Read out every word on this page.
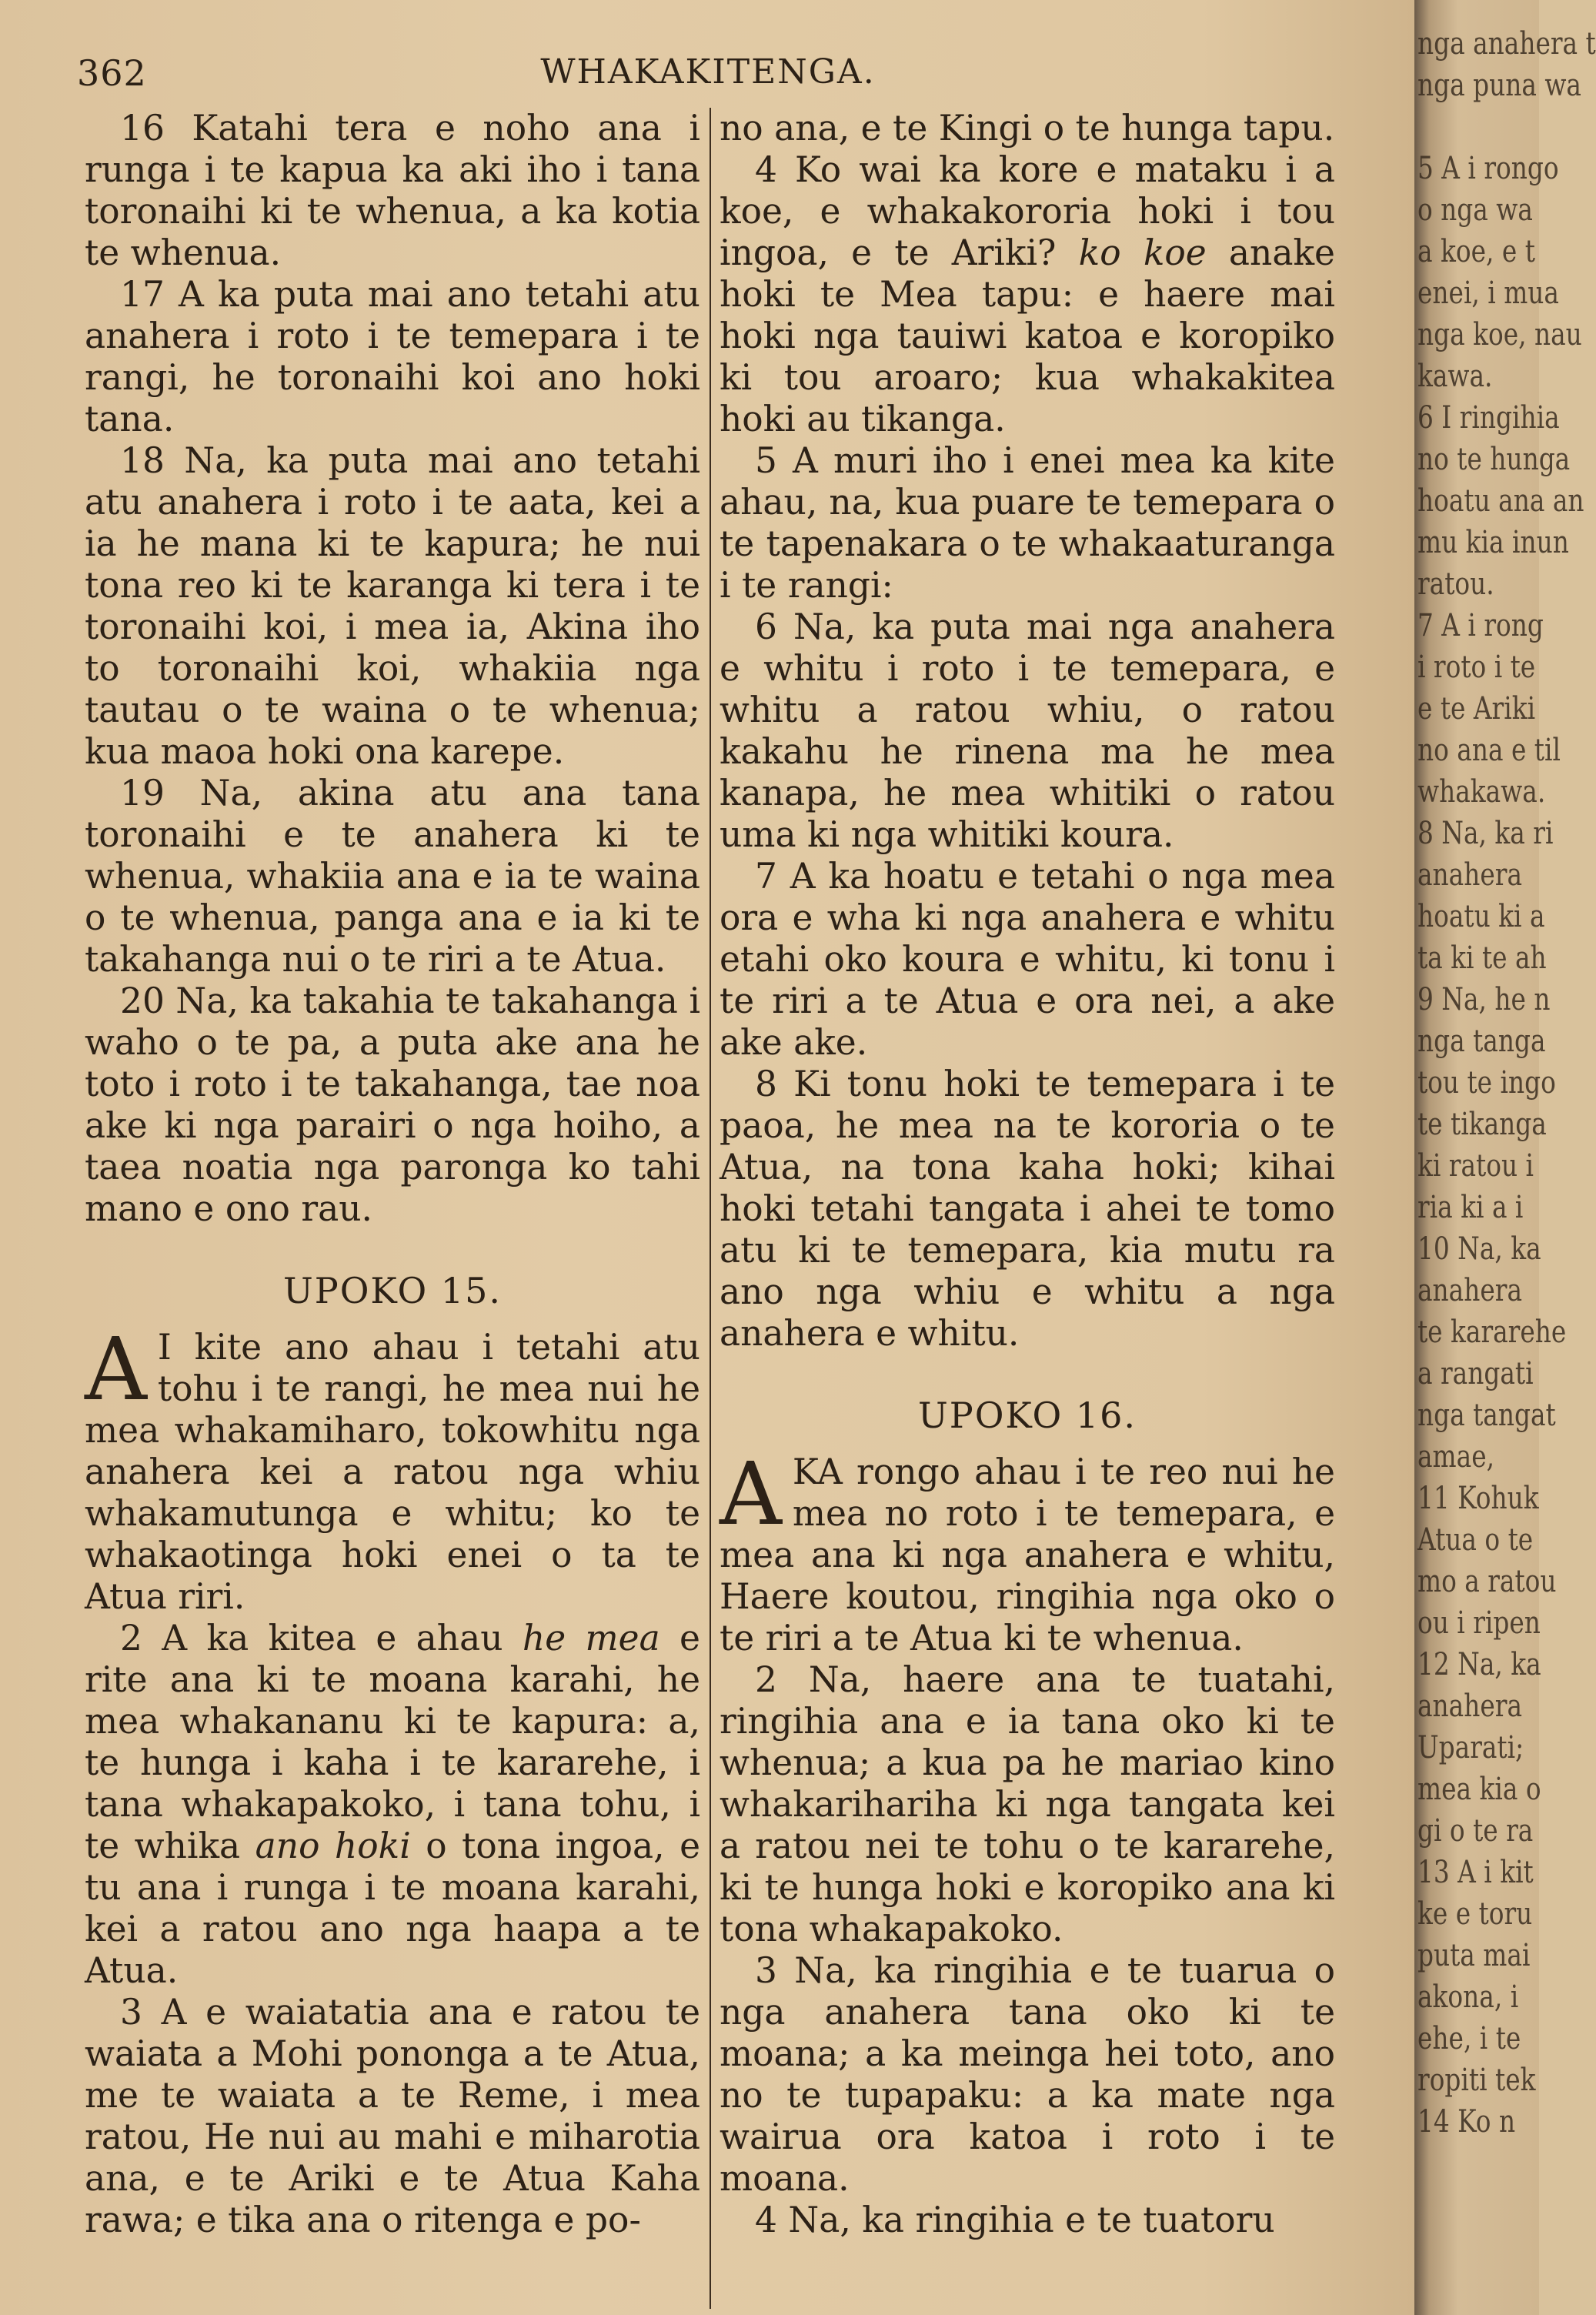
362	WHAKAKITENGA.

16 Katahi tera e noho ana i runga i te kapua ka aki iho i tana toronaihi ki te whenua, a ka kotia te whenua.

17 A ka puta mai ano tetahi atu anahera i roto i te temepara i te rangi, he toronaihi koi ano hoki tana.

18 Na, ka puta mai ano tetahi atu anahera i roto i te aata, kei a ia he mana ki te kapura; he nui tona reo ki te karanga ki tera i te toronaihi koi, i mea ia, Akina iho to toronaihi koi, whakiia nga tautau o te waina o te whenua; kua maoa hoki ona karepe.

19 Na, akina atu ana tana toronaihi e te anahera ki te whenua, whakiia ana e ia te waina o te whenua, panga ana e ia ki te takahanga nui o te riri a te Atua.

20 Na, ka takahia te takahanga i waho o te pa, a puta ake ana he toto i roto i te takahanga, tae noa ake ki nga parairi o nga hoiho, a taea noatia nga paronga ko tahi mano e ono rau.

UPOKO 15.

A I kite ano ahau i tetahi atu tohu i te rangi, he mea nui he mea whakamiharo, tokowhitu nga anahera kei a ratou nga whiu whakamutunga e whitu; ko te whakaotinga hoki enei o ta te Atua riri.

2 A ka kitea e ahau he mea e rite ana ki te moana karahi, he mea whakananu ki te kapura: a, te hunga i kaha i te kararehe, i tana whakapakoko, i tana tohu, i te whika ano hoki o tona ingoa, e tu ana i runga i te moana karahi, kei a ratou ano nga haapa a te Atua.

3 A e waiatatia ana e ratou te waiata a Mohi pononga a te Atua, me te waiata a te Reme, i mea ratou, He nui au mahi e miharotia ana, e te Ariki e te Atua Kaha rawa; e tika ana o ritenga e po-

no ana, e te Kingi o te hunga tapu.

4 Ko wai ka kore e mataku i a koe, e whakakororia hoki i tou ingoa, e te Ariki? ko koe anake hoki te Mea tapu: e haere mai hoki nga tauiwi katoa e koropiko ki tou aroaro; kua whakakitea hoki au tikanga.

5 A muri iho i enei mea ka kite ahau, na, kua puare te temepara o te tapenakara o te whakaaturanga i te rangi:

6 Na, ka puta mai nga anahera e whitu i roto i te temepara, e whitu a ratou whiu, o ratou kakahu he rinena ma he mea kanapa, he mea whitiki o ratou uma ki nga whitiki koura.

7 A ka hoatu e tetahi o nga mea ora e wha ki nga anahera e whitu etahi oko koura e whitu, ki tonu i te riri a te Atua e ora nei, a ake ake ake.

8 Ki tonu hoki te temepara i te paoa, he mea na te kororia o te Atua, na tona kaha hoki; kihai hoki tetahi tangata i ahei te tomo atu ki te temepara, kia mutu ra ano nga whiu e whitu a nga anahera e whitu.

UPOKO 16.

A KA rongo ahau i te reo nui he mea no roto i te temepara, e mea ana ki nga anahera e whitu, Haere koutou, ringihia nga oko o te riri a te Atua ki te whenua.

2 Na, haere ana te tuatahi, ringihia ana e ia tana oko ki te whenua; a kua pa he mariao kino whakarihariha ki nga tangata kei a ratou nei te tohu o te kararehe, ki te hunga hoki e koropiko ana ki tona whakapakoko.

3 Na, ka ringihia e te tuarua o nga anahera tana oko ki te moana; a ka meinga hei toto, ano no te tupapaku: a ka mate nga wairua ora katoa i roto i te moana.

4 Na, ka ringihia e te tuatoru

nga anahera t
nga puna wa
5 A i rongo
o nga wa
a koe, e t
enei, i mua
nga koe, nau
kawa.
6 I ringihia
no te hunga
hoatu ana an
mu kia inun
ratou.
7 A i rong
i roto i te
e te Ariki
no ana e til
whakawa.
8 Na, ka ri
anahera
hoatu ki a
ta ki te ah
9 Na, he n
nga tanga
tou te ingo
te tikanga
ki ratou i
ria ki a i
10 Na, ka
anahera
te kararehe
a rangati
nga tangat
amae,
11 Kohuk
Atua o te
mo a ratou
ou i ripen
12 Na, ka
anahera
Uparati;
mea kia o
gi o te ra
13 A i kit
ke e toru
puta mai
akona, i
ehe, i te
ropiti tek
14 Ko n
